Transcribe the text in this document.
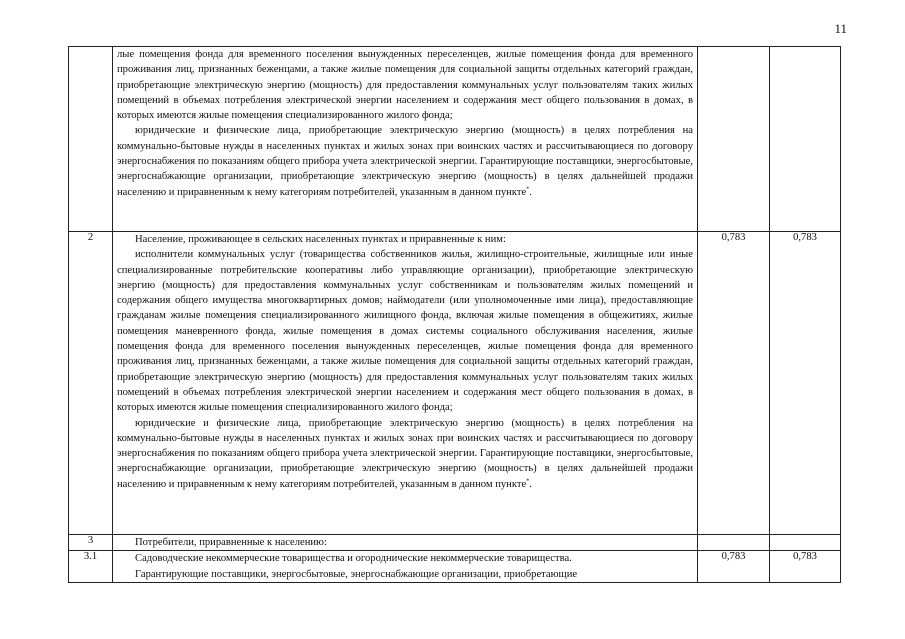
11

	лые помещения фонда для временного поселения вынужденных переселенцев, жилые помещения фонда для временного проживания лиц, признанных беженцами, а также жилые помещения для социальной защиты отдельных категорий граждан, приобретающие электрическую энергию (мощность) для предоставления коммунальных услуг пользователям таких жилых помещений в объемах потребления электрической энергии населением и содержания мест общего пользования в домах, в которых имеются жилые помещения специализированного жилого фонда;
юридические и физические лица, приобретающие электрическую энергию (мощность) в целях потребления на коммунально-бытовые нужды в населенных пунктах и жилых зонах при воинских частях и рассчитывающиеся по договору энергоснабжения по показаниям общего прибора учета электрической энергии. Гарантирующие поставщики, энергосбытовые, энергоснабжающие организации, приобретающие электрическую энергию (мощность) в целях дальнейшей продажи населению и приравненным к нему категориям потребителей, указанным в данном пункте*.		

2	Население, проживающее в сельских населенных пунктах и приравненные к ним:
исполнители коммунальных услуг (товарищества собственников жилья, жилищно-строительные, жилищные или иные специализированные потребительские кооперативы либо управляющие организации), приобретающие электрическую энергию (мощность) для предоставления коммунальных услуг собственникам и пользователям жилых помещений и содержания общего имущества многоквартирных домов; наймодатели (или уполномоченные ими лица), предоставляющие гражданам жилые помещения специализированного жилищного фонда, включая жилые помещения в общежитиях, жилые помещения маневренного фонда, жилые помещения в домах системы социального обслуживания населения, жилые помещения фонда для временного поселения вынужденных переселенцев, жилые помещения фонда для временного проживания лиц, признанных беженцами, а также жилые помещения для социальной защиты отдельных категорий граждан, приобретающие электрическую энергию (мощность) для предоставления коммунальных услуг пользователям таких жилых помещений в объемах потребления электрической энергии населением и содержания мест общего пользования в домах, в которых имеются жилые помещения специализированного жилого фонда;
юридические и физические лица, приобретающие электрическую энергию (мощность) в целях потребления на коммунально-бытовые нужды в населенных пунктах и жилых зонах при воинских частях и рассчитывающиеся по договору энергоснабжения по показаниям общего прибора учета электрической энергии. Гарантирующие поставщики, энергосбытовые, энергоснабжающие организации, приобретающие электрическую энергию (мощность) в целях дальнейшей продажи населению и приравненным к нему категориям потребителей, указанным в данном пункте*.	0,783	0,783
3	Потребители, приравненные к населению:		

3.1	Садоводческие некоммерческие товарищества и огороднические некоммерческие товарищества.
Гарантирующие поставщики, энергосбытовые, энергоснабжающие организации, приобретающие	0,783	0,783
